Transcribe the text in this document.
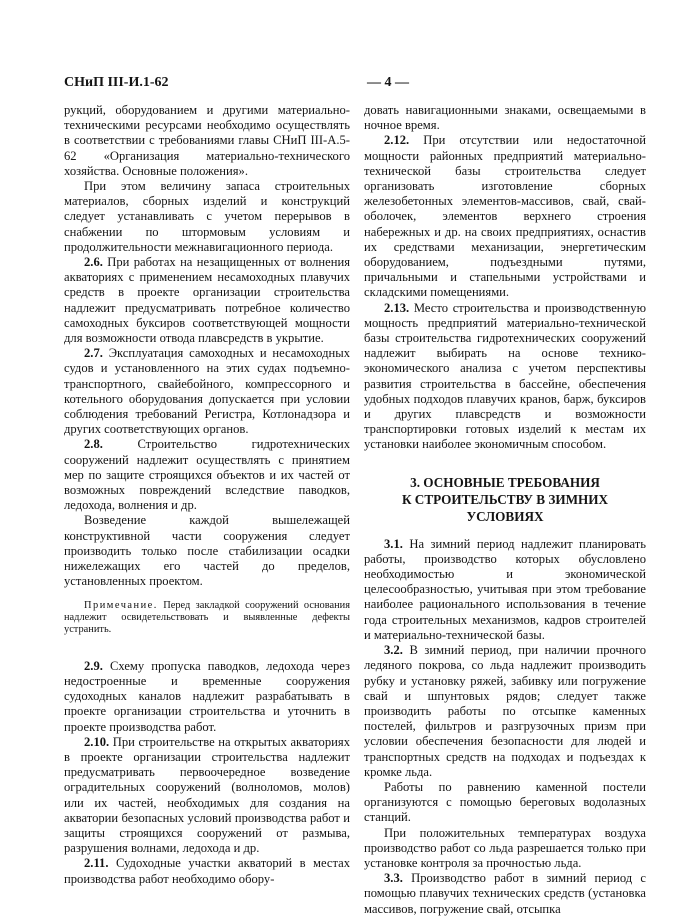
СНиП III-И.1-62	— 4 —

рукций, оборудованием и другими материально-техническими ресурсами необходимо осуществлять в соответствии с требованиями главы СНиП III-А.5-62 «Организация материально-технического хозяйства. Основные положения».

При этом величину запаса строительных материалов, сборных изделий и конструкций следует устанавливать с учетом перерывов в снабжении по штормовым условиям и продолжительности межнавигационного периода.

2.6. При работах на незащищенных от волнения акваториях с применением несамоходных плавучих средств в проекте организации строительства надлежит предусматривать потребное количество самоходных буксиров соответствующей мощности для возможности отвода плавсредств в укрытие.

2.7. Эксплуатация самоходных и несамоходных судов и установленного на этих судах подъемно-транспортного, свайебойного, компрессорного и котельного оборудования допускается при условии соблюдения требований Регистра, Котлонадзора и других соответствующих органов.

2.8.	Строительство гидротехнических сооружений надлежит осуществлять с принятием мер по защите строящихся объектов и их частей от возможных повреждений вследствие паводков, ледохода, волнения и др.

Возведение каждой вышележащей конструктивной части сооружения следует производить только после стабилизации осадки нижележащих его частей до пределов, установленных проектом.

Примечание. Перед закладкой сооружений основания надлежит освидетельствовать и выявленные дефекты устранить.

2.9. Схему пропуска паводков, ледохода через недостроенные и временные сооружения судоходных каналов надлежит разрабатывать в проекте организации строительства и уточнить в проекте производства работ.

2.10. При строительстве на открытых акваториях в проекте организации строительства надлежит предусматривать первоочередное возведение оградительных сооружений (волноломов, молов) или их частей, необходимых для создания на акватории безопасных условий производства работ и защиты строящихся сооружений от размыва, разрушения волнами, ледохода и др.

2.11. Судоходные участки акваторий в местах производства работ необходимо обору-

довать навигационными знаками, освещаемыми в ночное время.

2.12. При отсутствии или недостаточной мощности районных предприятий материально-технической базы строительства следует организовать изготовление сборных железобетонных элементов-массивов, свай, свай-оболочек, элементов верхнего строения набережных и др. на своих предприятиях, оснастив их средствами механизации, энергетическим оборудованием, подъездными путями, причальными и стапельными устройствами и складскими помещениями.

2.13. Место строительства и производственную мощность предприятий материально-технической базы строительства гидротехнических сооружений надлежит выбирать на основе технико-экономического анализа с учетом перспективы развития строительства в бассейне, обеспечения удобных подходов плавучих кранов, барж, буксиров и других плавсредств и возможности транспортировки готовых изделий к местам их установки наиболее экономичным способом.

3. ОСНОВНЫЕ ТРЕБОВАНИЯ
К СТРОИТЕЛЬСТВУ В ЗИМНИХ
УСЛОВИЯХ

3.1. На зимний период надлежит планировать работы, производство которых обусловлено необходимостью и экономической целесообразностью, учитывая при этом требование наиболее рационального использования в течение года строительных механизмов, кадров строителей и материально-технической базы.

3.2. В зимний период, при наличии прочного ледяного покрова, со льда надлежит производить рубку и установку ряжей, забивку или погружение свай и шпунтовых рядов; следует также производить работы по отсыпке каменных постелей, фильтров и разгрузочных призм при условии обеспечения безопасности для людей и транспортных средств на подходах и подъездах к кромке льда.

Работы по равнению каменной постели организуются с помощью береговых водолазных станций.

При положительных температурах воздуха производство работ со льда разрешается только при установке контроля за прочностью льда.

3.3. Производство работ в зимний период с помощью плавучих технических средств (установка массивов, погружение свай, отсыпка
